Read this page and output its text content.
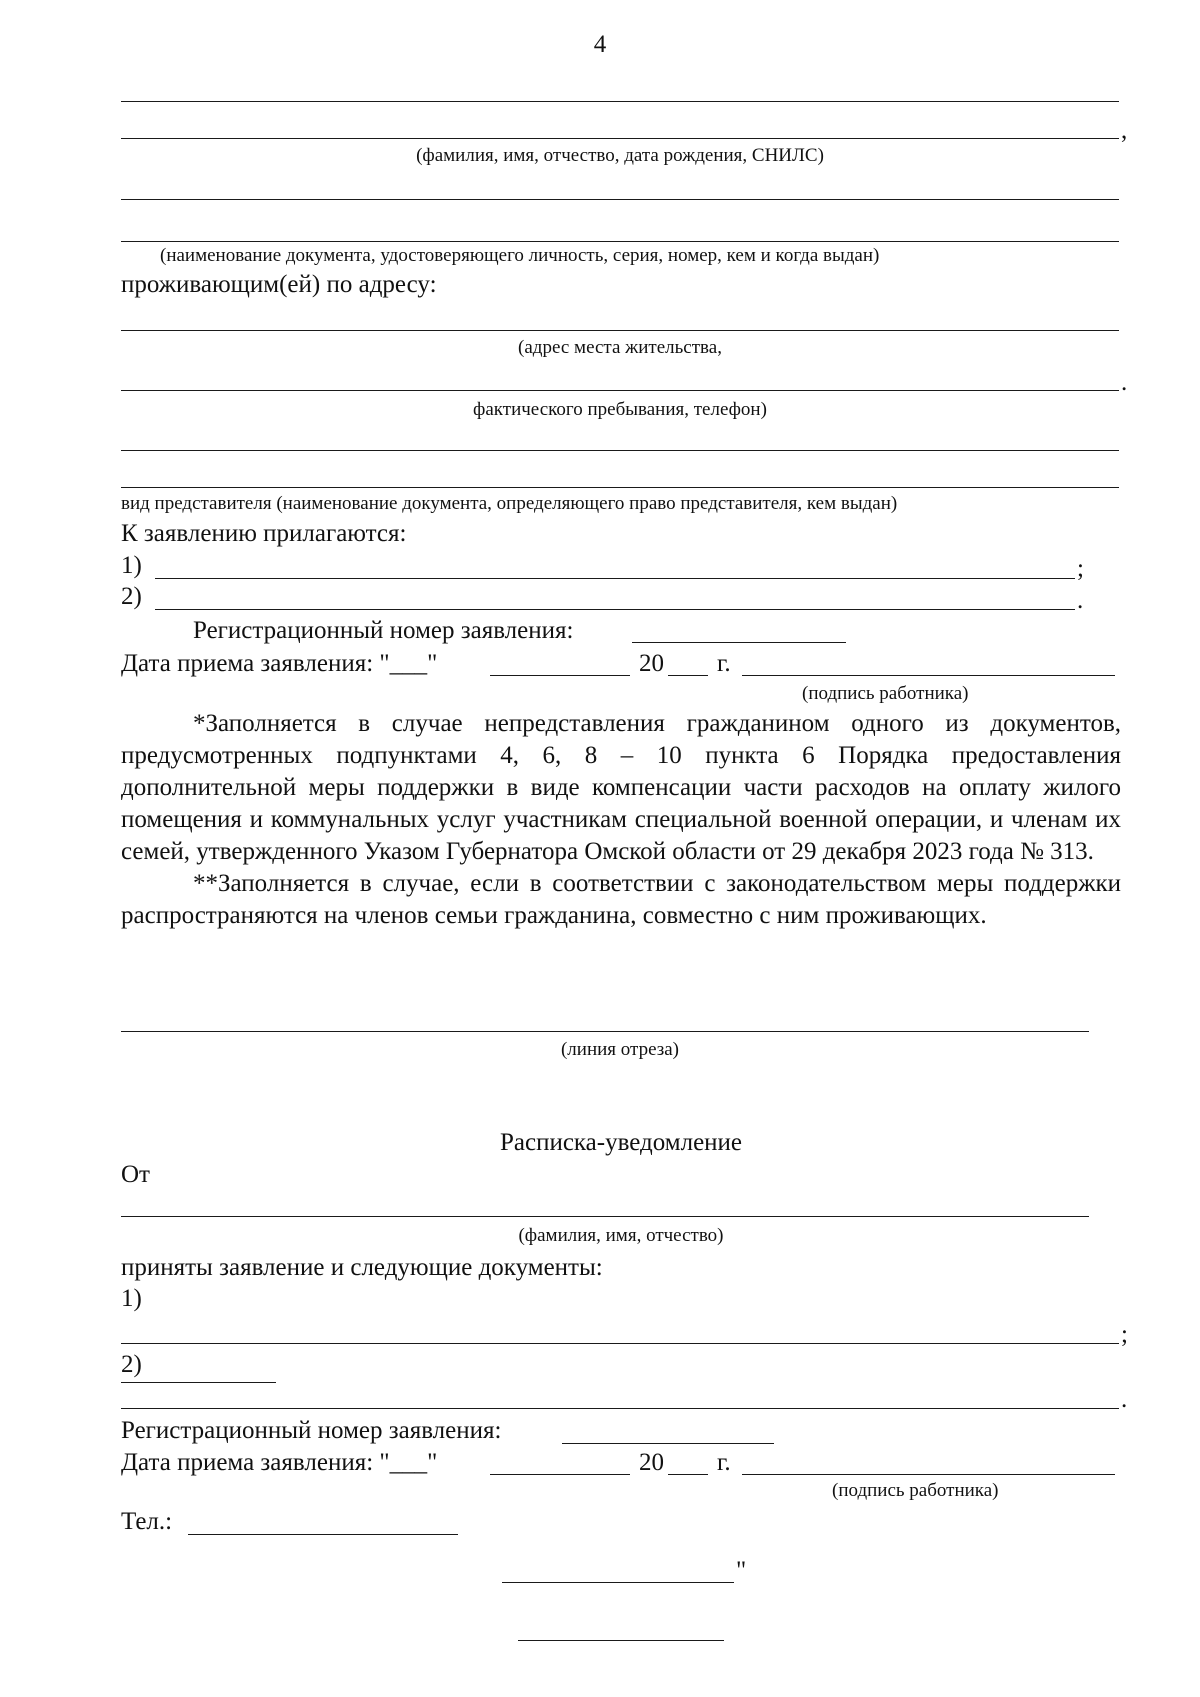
4
,
(фамилия, имя, отчество, дата рождения, СНИЛС)
(наименование документа, удостоверяющего личность, серия, номер, кем и когда выдан)
проживающим(ей) по адресу:
(адрес места жительства,
.
фактического пребывания, телефон)
вид представителя (наименование документа, определяющего право представителя, кем выдан)
К заявлению прилагаются:
1)	;
2)	.
Регистрационный номер заявления:
Дата приема заявления: "___"	20 г.
(подпись работника)

*Заполняется в случае непредставления гражданином одного из документов, предусмотренных подпунктами 4, 6, 8 – 10 пункта 6 Порядка предоставления дополнительной меры поддержки в виде компенсации части расходов на оплату жилого помещения и коммунальных услуг участникам специальной военной операции, и членам их семей, утвержденного Указом Губернатора Омской области от 29 декабря 2023 года № 313.

**Заполняется в случае, если в соответствии с законодательством меры поддержки распространяются на членов семьи гражданина, совместно с ним проживающих.

(линия отреза)
Расписка-уведомление
От
(фамилия, имя, отчество)
приняты заявление и следующие документы:
1)
;
2)
.
Регистрационный номер заявления:
Дата приема заявления: "___"	20 г.
(подпись работника)
Тел.:
"
